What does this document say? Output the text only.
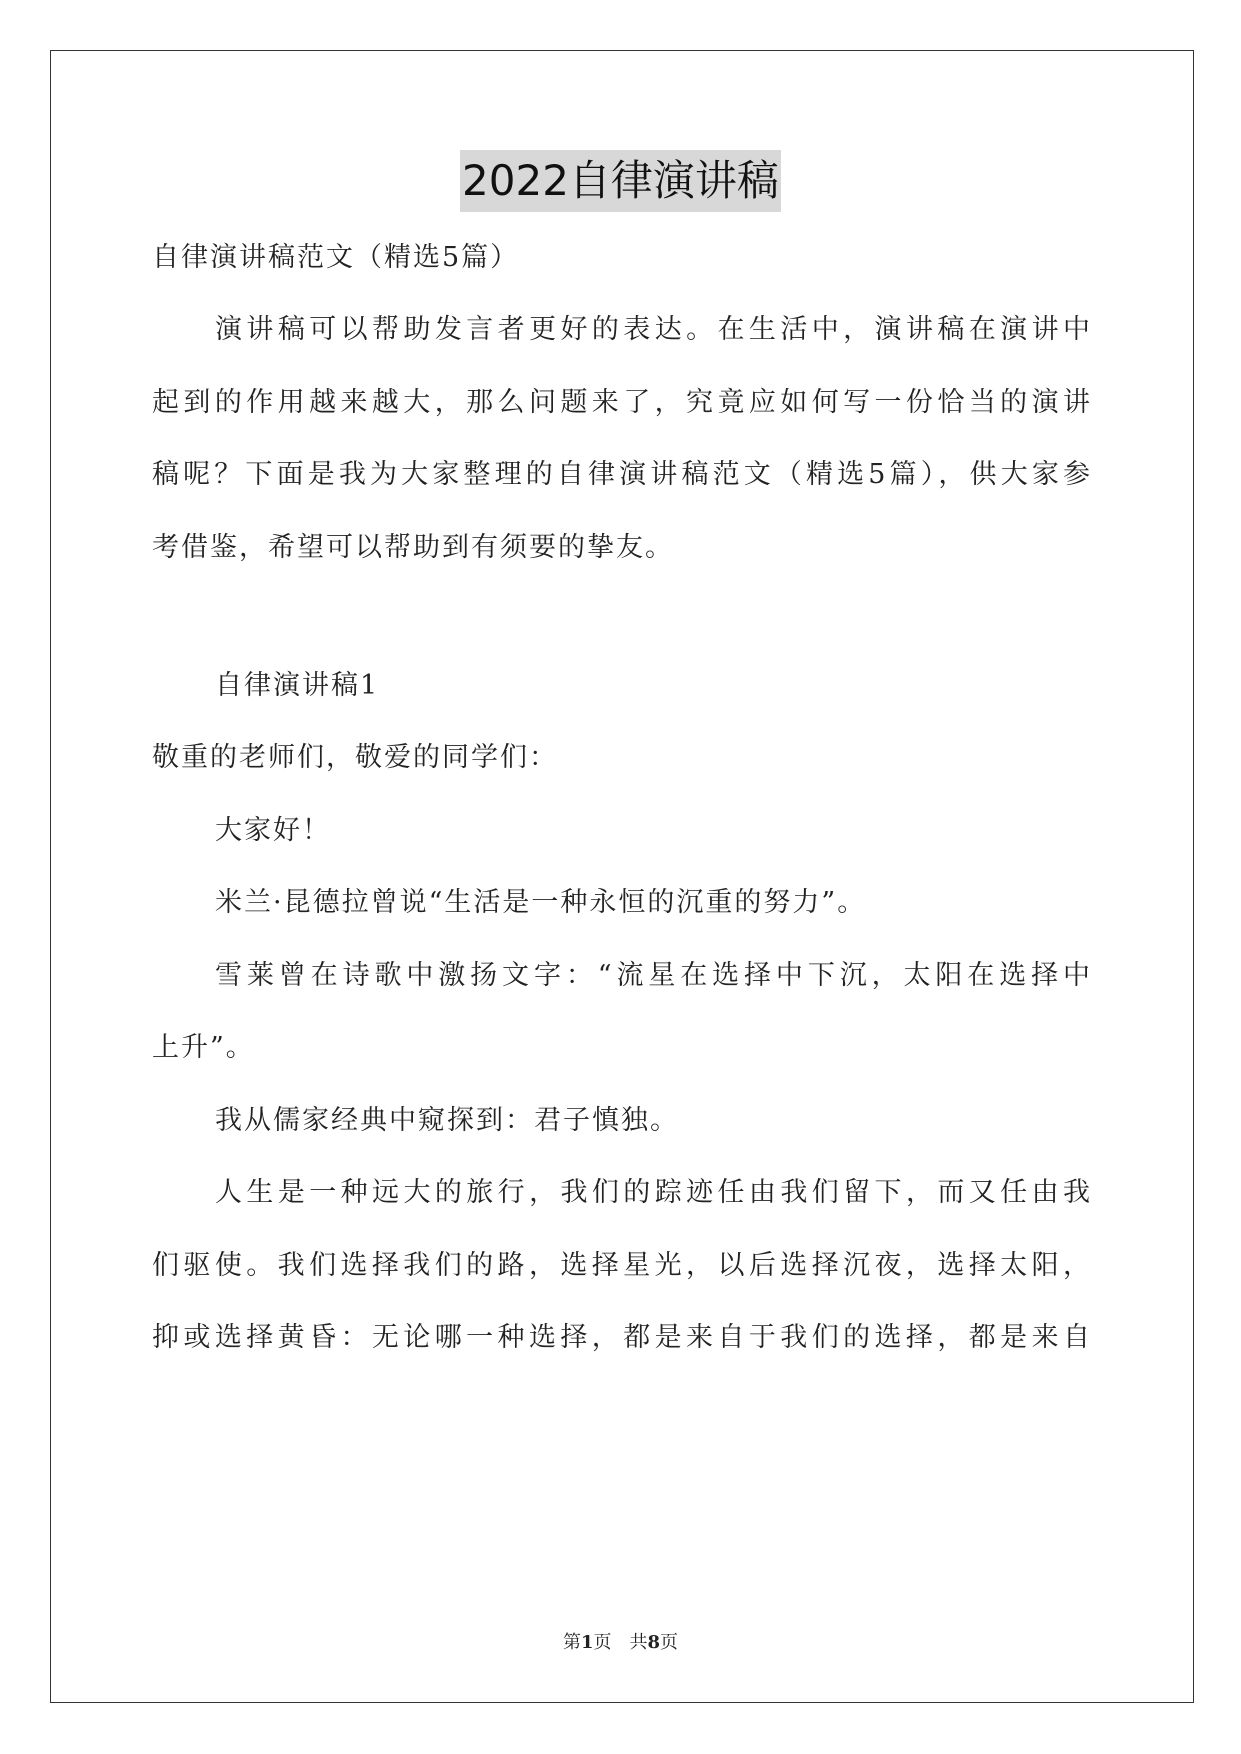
2022自律演讲稿
自律演讲稿范文（精选5篇）
演讲稿可以帮助发言者更好的表达。在生活中，演讲稿在演讲中
起到的作用越来越大，那么问题来了，究竟应如何写一份恰当的演讲
稿呢？下面是我为大家整理的自律演讲稿范文（精选5篇），供大家参
考借鉴，希望可以帮助到有须要的挚友。
自律演讲稿1
敬重的老师们，敬爱的同学们：
大家好！
米兰·昆德拉曾说“生活是一种永恒的沉重的努力”。
雪莱曾在诗歌中激扬文字：“流星在选择中下沉，太阳在选择中
上升”。
我从儒家经典中窥探到：君子慎独。
人生是一种远大的旅行，我们的踪迹任由我们留下，而又任由我
们驱使。我们选择我们的路，选择星光，以后选择沉夜，选择太阳，
抑或选择黄昏：无论哪一种选择，都是来自于我们的选择，都是来自
第1页　共8页
